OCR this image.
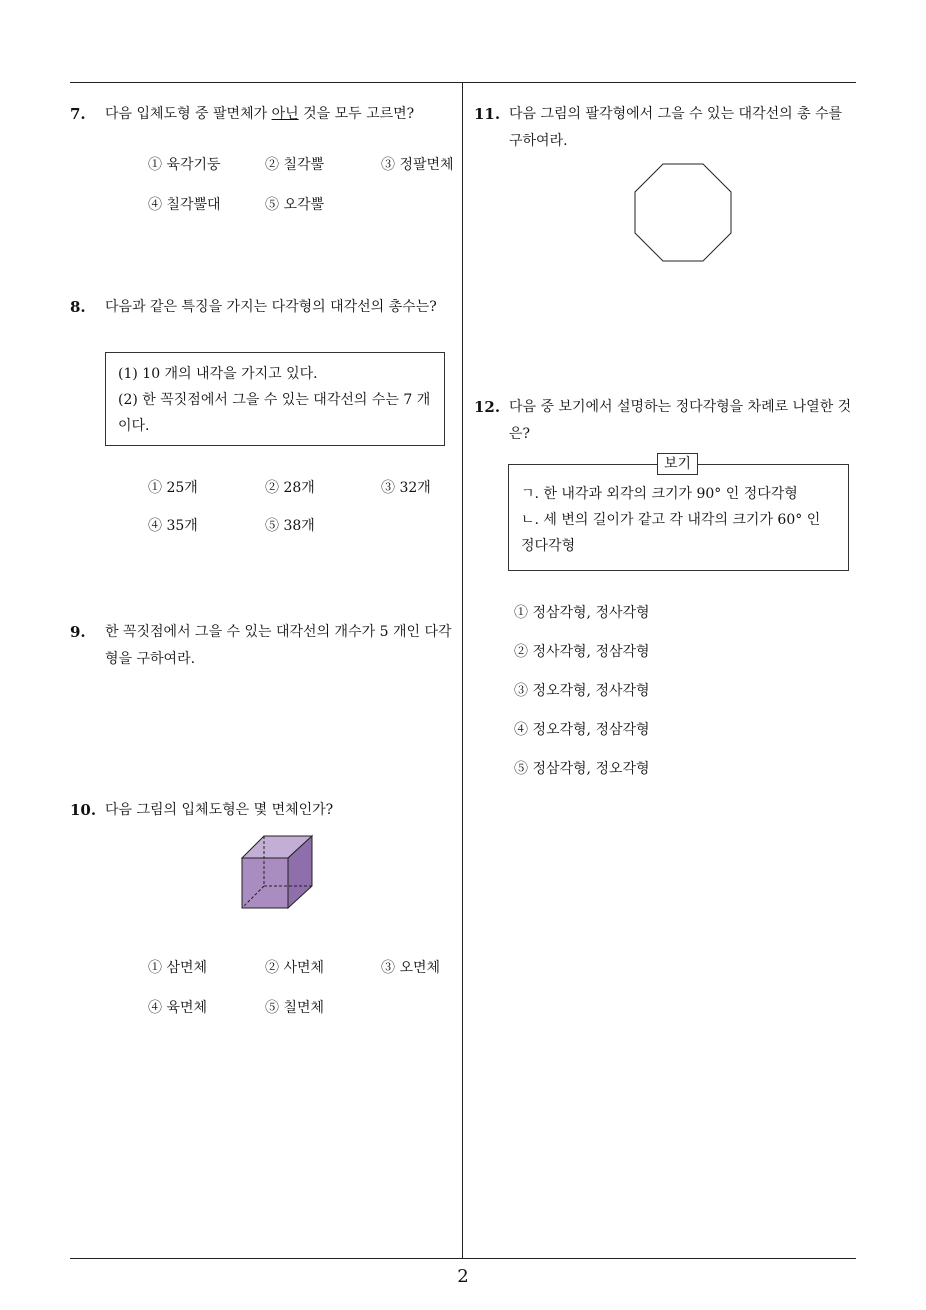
7.	다음 입체도형 중 팔면체가 아닌 것을 모두 고르면?
① 육각기둥	② 칠각뿔	③ 정팔면체
④ 칠각뿔대	⑤ 오각뿔
8.	다음과 같은 특징을 가지는 다각형의 대각선의 총수는?
(1) 10 개의 내각을 가지고 있다.
(2) 한 꼭짓점에서 그을 수 있는 대각선의 수는 7 개이다.
① 25개	② 28개	③ 32개
④ 35개	⑤ 38개
9.	한 꼭짓점에서 그을 수 있는 대각선의 개수가 5 개인 다각형을 구하여라.
10. 다음 그림의 입체도형은 몇 면체인가?
① 삼면체	② 사면체	③ 오면체
④ 육면체	⑤ 칠면체
11. 다음 그림의 팔각형에서 그을 수 있는 대각선의 총 수를 구하여라.
12. 다음 중 보기에서 설명하는 정다각형을 차례로 나열한 것은?
ㄱ. 한 내각과 외각의 크기가 90° 인 정다각형
ㄴ. 세 변의 길이가 같고 각 내각의 크기가 60° 인 정다각형
보기
① 정삼각형, 정사각형
② 정사각형, 정삼각형
③ 정오각형, 정사각형
④ 정오각형, 정삼각형
⑤ 정삼각형, 정오각형
2
